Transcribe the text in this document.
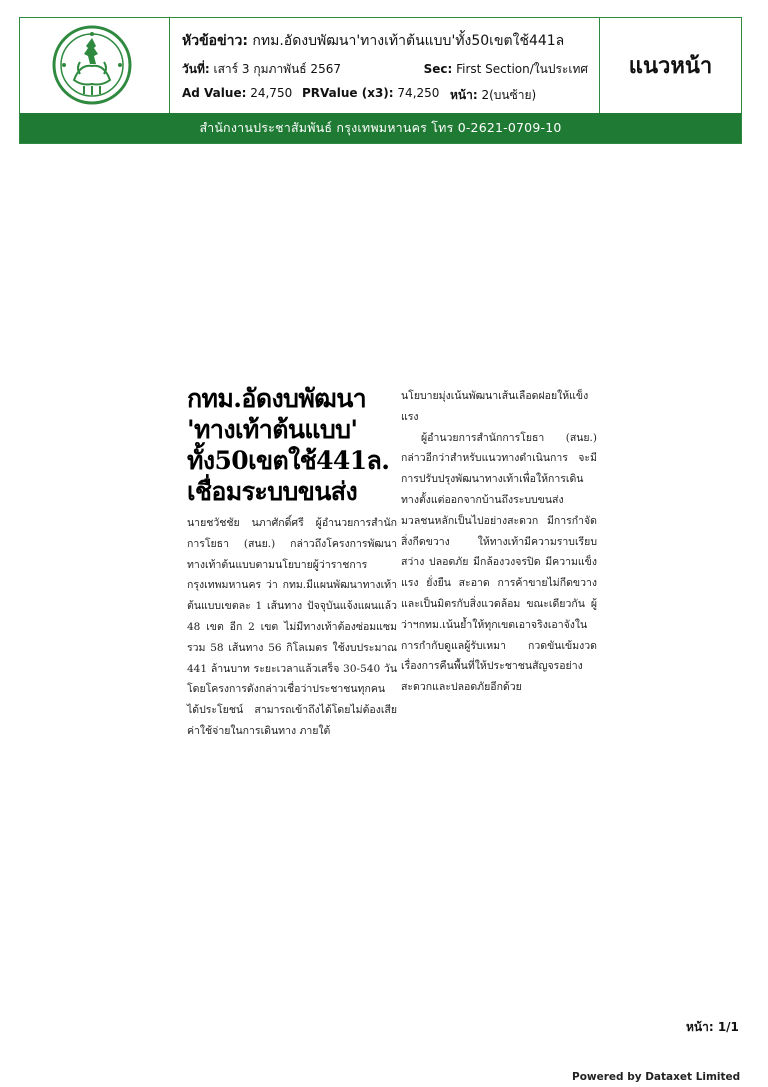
หัวข้อข่าว: กทม.อัดงบพัฒนา'ทางเท้าต้นแบบ'ทั้ง50เขตใช้441ล
วันที่: เสาร์ 3 กุมภาพันธ์ 2567	Sec: First Section/ในประเทศ
Ad Value: 24,750 PRValue (x3): 74,250 หน้า: 2(บนซ้าย)
แนวหน้า
สำนักงานประชาสัมพันธ์ กรุงเทพมหานคร โทร 0-2621-0709-10
กทม.อัดงบพัฒนา
'ทางเท้าต้นแบบ'
ทั้ง50เขตใช้441ล.
เชื่อมระบบขนส่ง

นายชวัชชัย นภาศักดิ์ศรี ผู้อำนวยการสำนักการโยธา (สนย.) กล่าวถึงโครงการพัฒนาทางเท้าต้นแบบตามนโยบายผู้ว่าราชการกรุงเทพมหานคร ว่า กทม.มีแผนพัฒนาทางเท้าต้นแบบเขตละ 1 เส้นทาง ปัจจุบันแจ้งแผนแล้ว 48 เขต อีก 2 เขต ไม่มีทางเท้าต้องซ่อมแซม รวม 58 เส้นทาง 56 กิโลเมตร ใช้งบประมาณ 441 ล้านบาท ระยะเวลาแล้วเสร็จ 30-540 วัน โดยโครงการดังกล่าวเชื่อว่าประชาชนทุกคนได้ประโยชน์ สามารถเข้าถึงได้โดยไม่ต้องเสียค่าใช้จ่ายในการเดินทาง ภายใต้

นโยบายมุ่งเน้นพัฒนาเส้นเลือดฝอยให้แข็งแรง

ผู้อำนวยการสำนักการโยธา (สนย.) กล่าวอีกว่าสำหรับแนวทางดำเนินการ จะมีการปรับปรุงพัฒนาทางเท้าเพื่อให้การเดินทางตั้งแต่ออกจากบ้านถึงระบบขนส่งมวลชนหลักเป็นไปอย่างสะดวก มีการกำจัดสิ่งกีดขวาง ให้ทางเท้ามีความราบเรียบ สว่าง ปลอดภัย มีกล้องวงจรปิด มีความแข็งแรง ยั่งยืน สะอาด การค้าขายไม่กีดขวาง และเป็นมิตรกับสิ่งแวดล้อม ขณะเดียวกัน ผู้ว่าฯกทม.เน้นย้ำให้ทุกเขตเอาจริงเอาจังในการกำกับดูแลผู้รับเหมา กวดขันเข้มงวดเรื่องการคืนพื้นที่ให้ประชาชนสัญจรอย่างสะดวกและปลอดภัยอีกด้วย

หน้า: 1/1
Powered by Dataxet Limited
